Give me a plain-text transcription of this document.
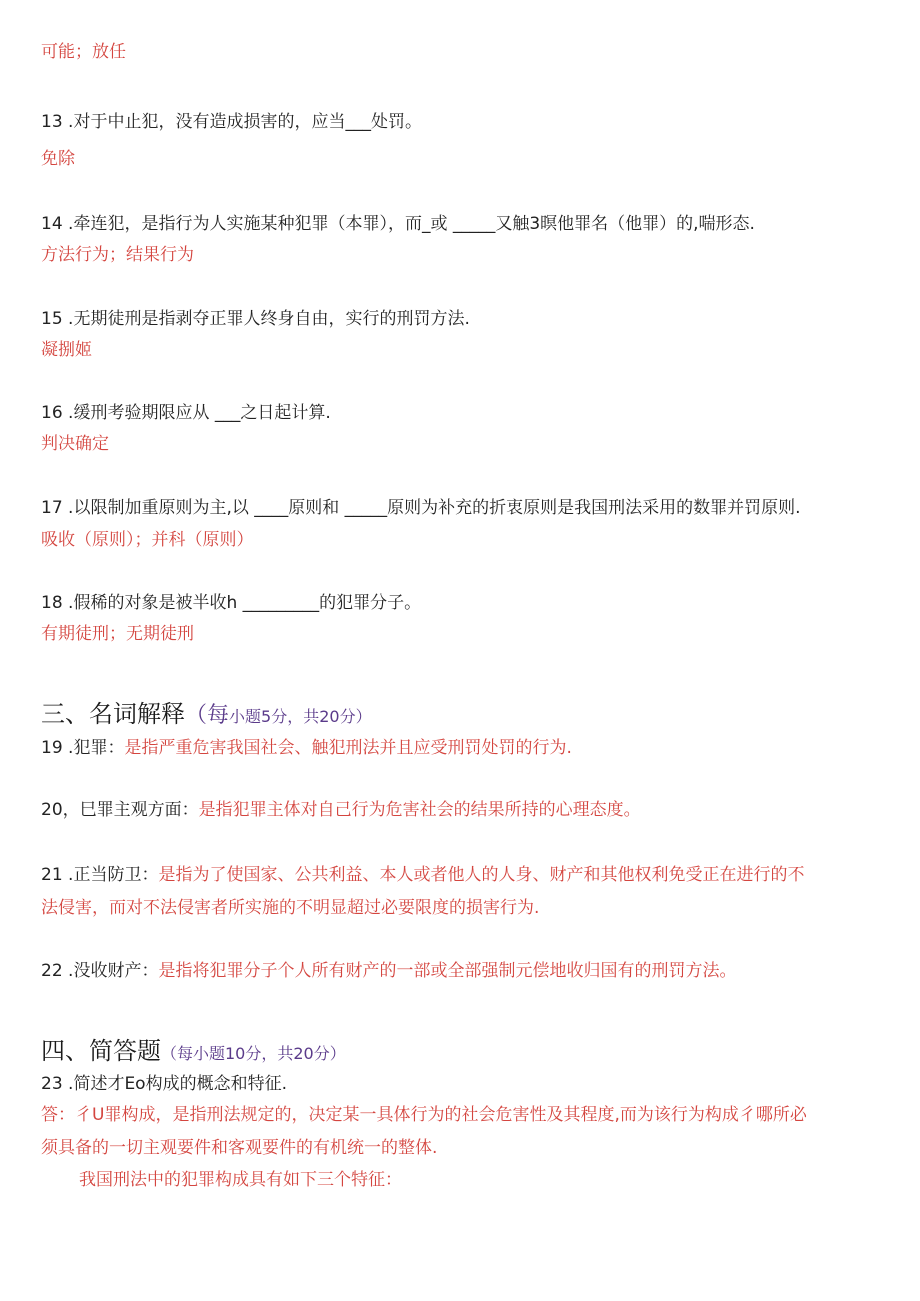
可能；放任
13 .对于中止犯，没有造成损害的，应当___处罚。
免除
14 .牵连犯，是指行为人实施某种犯罪（本罪），而_或 _____又触3暝他罪名（他罪）的,喘形态.
方法行为；结果行为
15 .无期徒刑是指剥夺正罪人终身自由，实行的刑罚方法.
凝捌姬
16 .缓刑考验期限应从 ___之日起计算.
判决确定
17 .以限制加重原则为主,以 ____原则和 _____原则为补充的折衷原则是我国刑法采用的数罪并罚原则.
吸收（原则）；并科（原则）
18 .假稀的对象是被半收h _________的犯罪分子。
有期徒刑；无期徒刑
三、名词解释（每小题5分，共20分）
19 .犯罪：是指严重危害我国社会、触犯刑法并且应受刑罚处罚的行为.
20，巳罪主观方面：是指犯罪主体对自己行为危害社会的结果所持的心理态度。
21 .正当防卫：是指为了使国家、公共利益、本人或者他人的人身、财产和其他权利免受正在进行的不
法侵害，而对不法侵害者所实施的不明显超过必要限度的损害行为.
22 .没收财产：是指将犯罪分子个人所有财产的一部或全部强制元偿地收归国有的刑罚方法。
四、简答题（每小题10分，共20分）
23 .简述才Eo构成的概念和特征.
答：彳U罪构成，是指刑法规定的，决定某一具体行为的社会危害性及其程度,而为该行为构成彳哪所必
须具备的一切主观要件和客观要件的有机统一的整体.
我国刑法中的犯罪构成具有如下三个特征：
